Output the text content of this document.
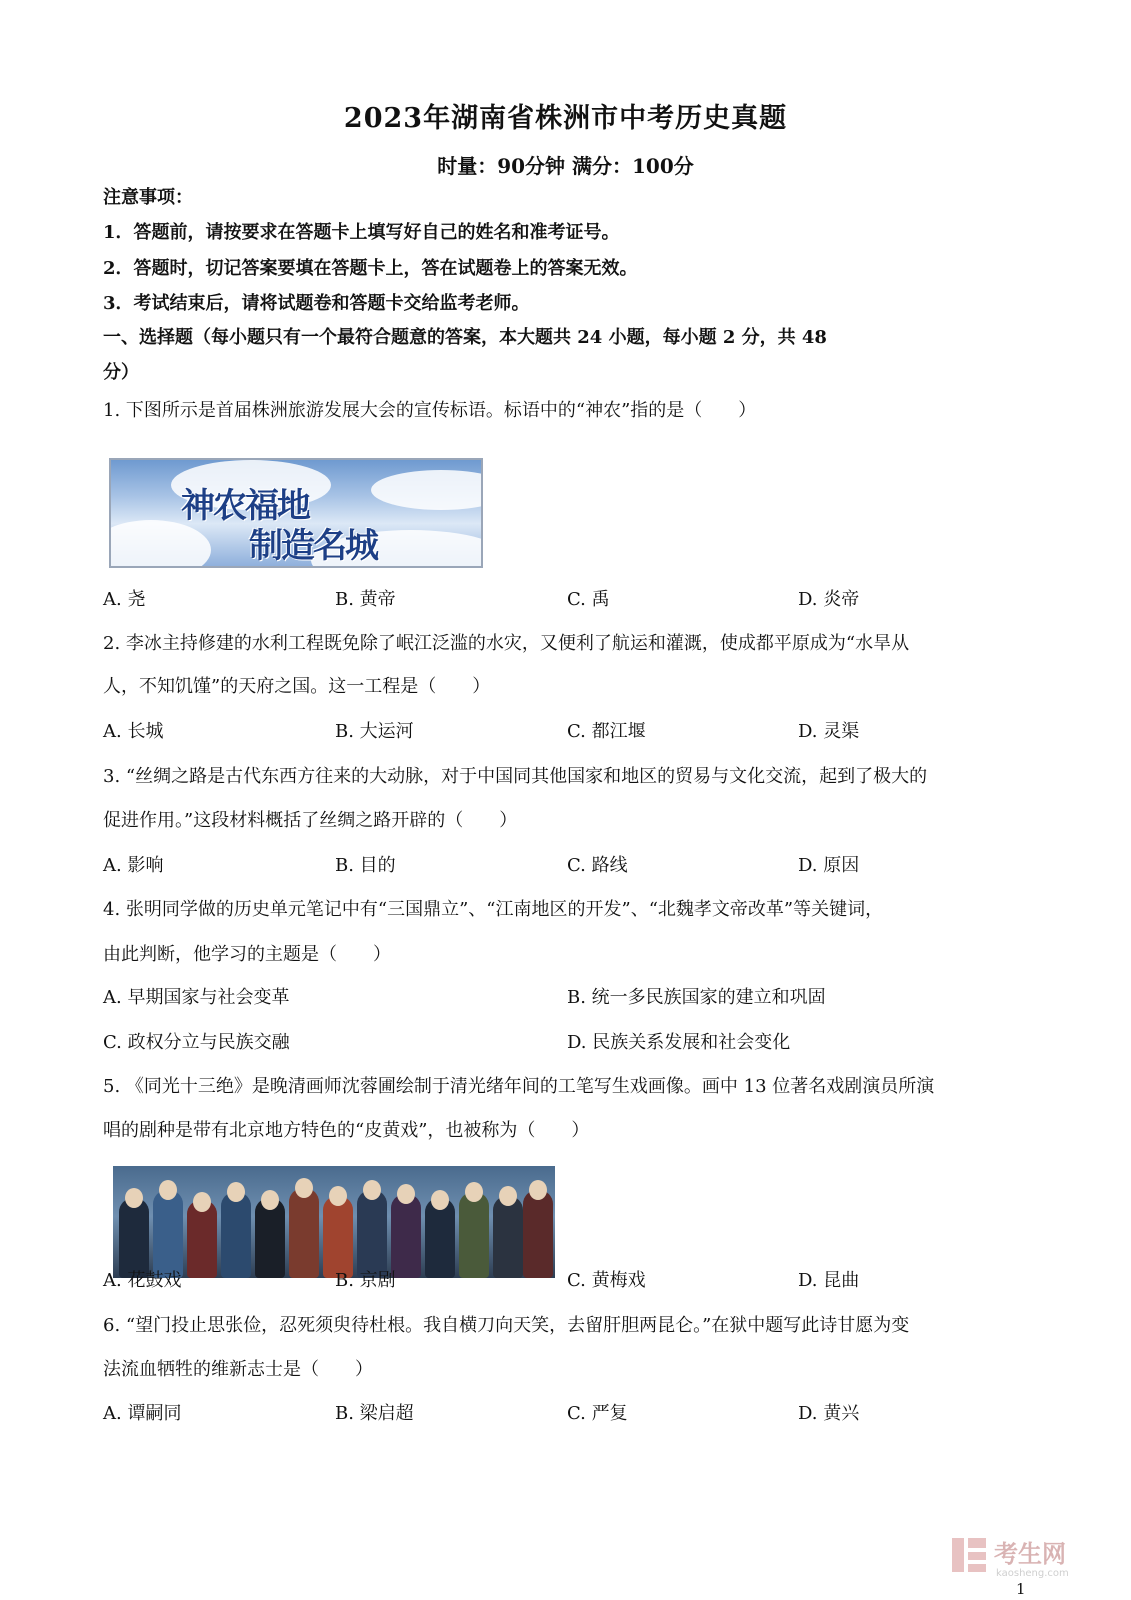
2023年湖南省株洲市中考历史真题
时量：90分钟 满分：100分
注意事项：
1．答题前，请按要求在答题卡上填写好自己的姓名和准考证号。
2．答题时，切记答案要填在答题卡上，答在试题卷上的答案无效。
3．考试结束后，请将试题卷和答题卡交给监考老师。
一、选择题（每小题只有一个最符合题意的答案，本大题共 24 小题，每小题 2 分，共 48
分）
1. 下图所示是首届株洲旅游发展大会的宣传标语。标语中的“神农”指的是（　　）
神农福地
制造名城
A. 尧	B. 黄帝	C. 禹	D. 炎帝
2. 李冰主持修建的水利工程既免除了岷江泛滥的水灾，又便利了航运和灌溉，使成都平原成为“水旱从
人，不知饥馑”的天府之国。这一工程是（　　）
A. 长城	B. 大运河	C. 都江堰	D. 灵渠
3. “丝绸之路是古代东西方往来的大动脉，对于中国同其他国家和地区的贸易与文化交流，起到了极大的
促进作用。”这段材料概括了丝绸之路开辟的（　　）
A. 影响	B. 目的	C. 路线	D. 原因
4. 张明同学做的历史单元笔记中有“三国鼎立”、“江南地区的开发”、“北魏孝文帝改革”等关键词，
由此判断，他学习的主题是（　　）
A. 早期国家与社会变革	B. 统一多民族国家的建立和巩固
C. 政权分立与民族交融	D. 民族关系发展和社会变化
5. 《同光十三绝》是晚清画师沈蓉圃绘制于清光绪年间的工笔写生戏画像。画中 13 位著名戏剧演员所演
唱的剧种是带有北京地方特色的“皮黄戏”，也被称为（　　）
A. 花鼓戏	B. 京剧	C. 黄梅戏	D. 昆曲
6. “望门投止思张俭，忍死须臾待杜根。我自横刀向天笑，去留肝胆两昆仑。”在狱中题写此诗甘愿为变
法流血牺牲的维新志士是（　　）
A. 谭嗣同	B. 梁启超	C. 严复	D. 黄兴
考生网
kaosheng.com
1
